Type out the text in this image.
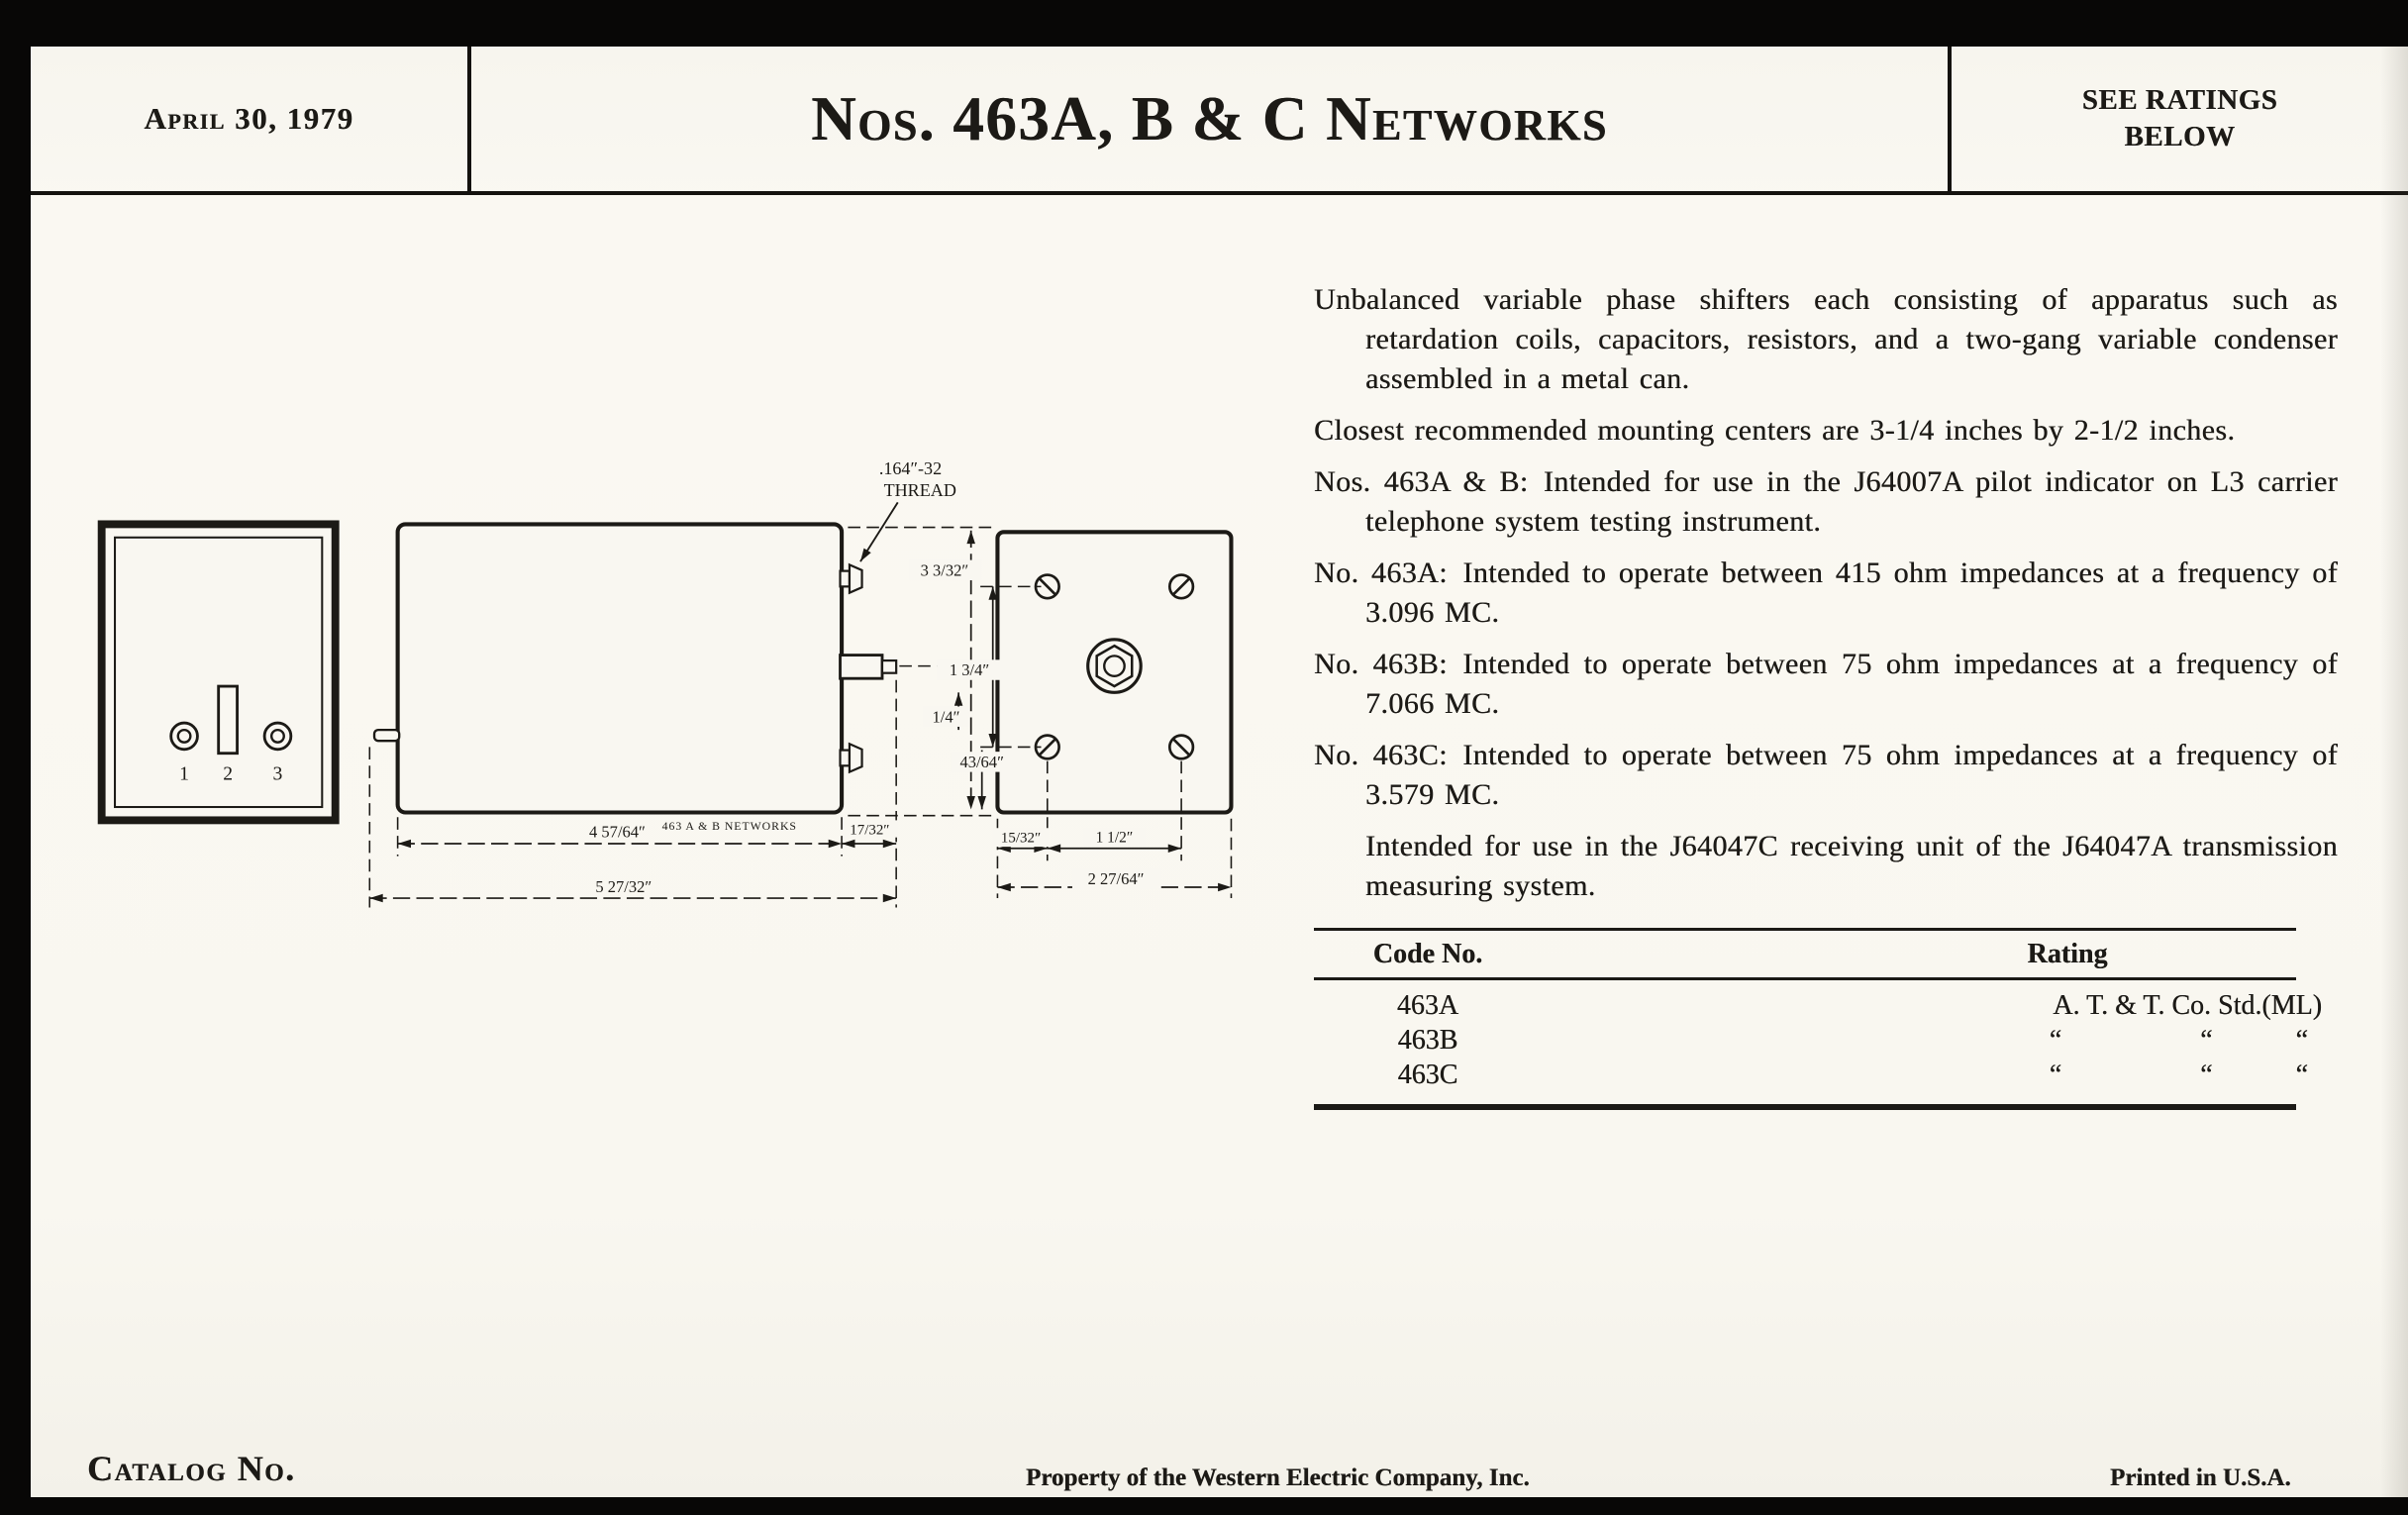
April 30, 1979	Nos. 463A, B & C Networks	SEE RATINGS
BELOW
1	2	3
.164″-32
THREAD
463 A & B NETWORKS
4 57/64″	17/32″
5 27/32″
3 3/32″
1 3/4″
1/4″
43/64″
15/32″	1 1/2″
2 27/64″

Unbalanced variable phase shifters each consisting of apparatus such as retardation coils, capacitors, resistors, and a two-gang variable condenser assembled in a metal can.

Closest recommended mounting centers are 3-1/4 inches by 2-1/2 inches.

Nos. 463A & B: Intended for use in the J64007A pilot indicator on L3 carrier telephone system testing instrument.

No. 463A: Intended to operate between 415 ohm impedances at a frequency of 3.096 MC.

No. 463B: Intended to operate between 75 ohm impedances at a frequency of 7.066 MC.

No. 463C: Intended to operate between 75 ohm impedances at a frequency of 3.579 MC.

Intended for use in the J64047C receiving unit of the J64047A transmission measuring system.

Code No.	Rating
463A	A. T. & T. Co. Std.(ML)
463B	“     “   “ 
463C	“     “   “ 
Catalog No.	Property of the Western Electric Company, Inc.	Printed in U.S.A.
